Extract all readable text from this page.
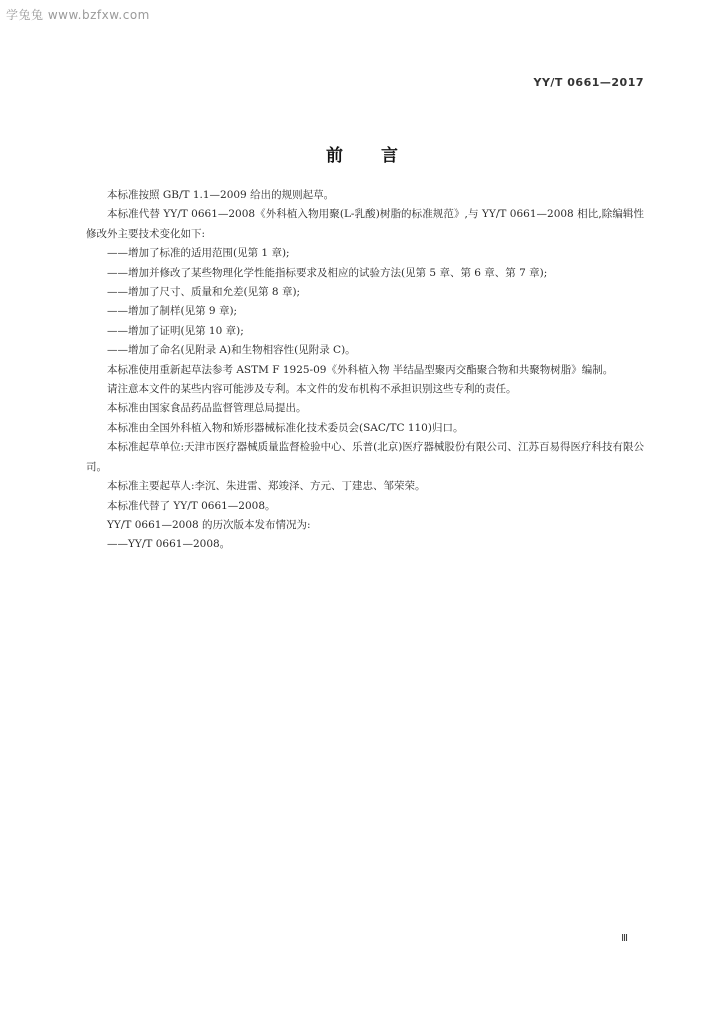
学兔兔 www.bzfxw.com
YY/T 0661—2017
前言

本标准按照 GB/T 1.1—2009 给出的规则起草。

本标准代替 YY/T 0661—2008《外科植入物用聚(L-乳酸)树脂的标准规范》,与 YY/T 0661—2008 相比,除编辑性修改外主要技术变化如下:

——增加了标准的适用范围(见第 1 章);

——增加并修改了某些物理化学性能指标要求及相应的试验方法(见第 5 章、第 6 章、第 7 章);

——增加了尺寸、质量和允差(见第 8 章);

——增加了制样(见第 9 章);

——增加了证明(见第 10 章);

——增加了命名(见附录 A)和生物相容性(见附录 C)。

本标准使用重新起草法参考 ASTM F 1925-09《外科植入物 半结晶型聚丙交酯聚合物和共聚物树脂》编制。

请注意本文件的某些内容可能涉及专利。本文件的发布机构不承担识别这些专利的责任。

本标准由国家食品药品监督管理总局提出。

本标准由全国外科植入物和矫形器械标准化技术委员会(SAC/TC 110)归口。

本标准起草单位:天津市医疗器械质量监督检验中心、乐普(北京)医疗器械股份有限公司、江苏百易得医疗科技有限公司。

本标准主要起草人:李沉、朱进雷、郑竣泽、方元、丁建忠、邹荣荣。

本标准代替了 YY/T 0661—2008。

YY/T 0661—2008 的历次版本发布情况为:

——YY/T 0661—2008。

Ⅲ
